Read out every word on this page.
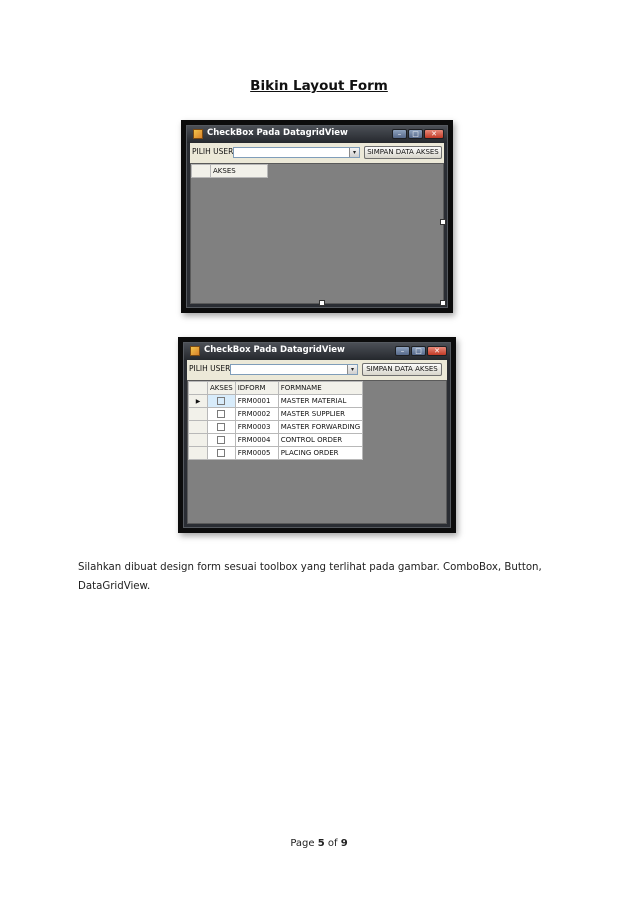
Bikin Layout Form
CheckBox Pada DatagridView	–	□	✕
PILIH USER	▾	SIMPAN DATA AKSES
	AKSES
CheckBox Pada DatagridView	–	□	✕
PILIH USER	▾	SIMPAN DATA AKSES
	AKSES	IDFORM	FORMNAME
▶		FRM0001	MASTER MATERIAL
		FRM0002	MASTER SUPPLIER
		FRM0003	MASTER FORWARDING
		FRM0004	CONTROL ORDER
		FRM0005	PLACING ORDER
Silahkan dibuat design form sesuai toolbox yang terlihat pada gambar. ComboBox, Button, DataGridView.
Page 5 of 9
